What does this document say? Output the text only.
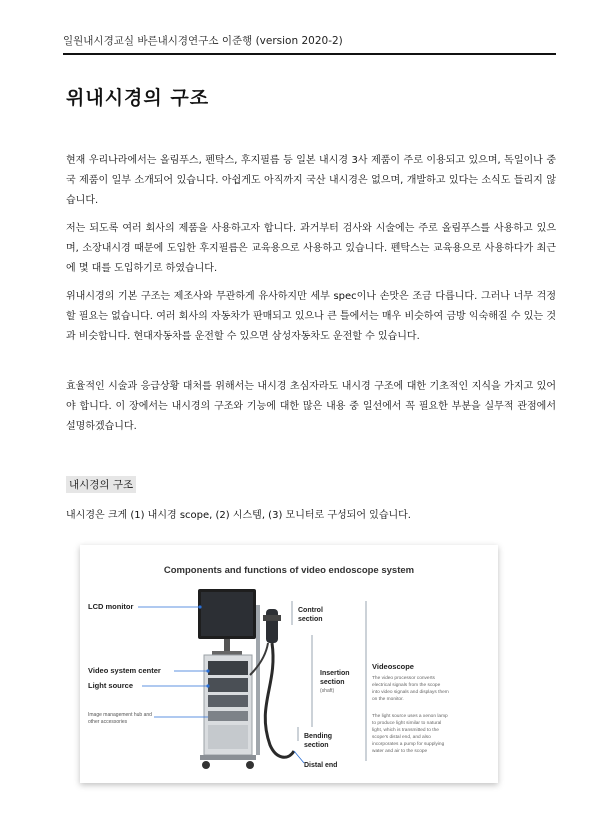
일원내시경교실 바른내시경연구소 이준행 (version 2020-2)
위내시경의 구조

현재 우리나라에서는 올림푸스, 펜탁스, 후지필름 등 일본 내시경 3사 제품이 주로 이용되고 있으며, 독일이나 중국 제품이 일부 소개되어 있습니다. 아쉽게도 아직까지 국산 내시경은 없으며, 개발하고 있다는 소식도 들리지 않습니다.

저는 되도록 여러 회사의 제품을 사용하고자 합니다. 과거부터 검사와 시술에는 주로 올림푸스를 사용하고 있으며, 소장내시경 때문에 도입한 후지필름은 교육용으로 사용하고 있습니다. 펜탁스는 교육용으로 사용하다가 최근에 몇 대를 도입하기로 하였습니다.

위내시경의 기본 구조는 제조사와 무관하게 유사하지만 세부 spec이나 손맛은 조금 다릅니다. 그러나 너무 걱정할 필요는 없습니다. 여러 회사의 자동차가 판매되고 있으나 큰 틀에서는 매우 비슷하여 금방 익숙해질 수 있는 것과 비슷합니다. 현대자동차를 운전할 수 있으면 삼성자동차도 운전할 수 있습니다.

효율적인 시술과 응급상황 대처를 위해서는 내시경 초심자라도 내시경 구조에 대한 기초적인 지식을 가지고 있어야 합니다. 이 장에서는 내시경의 구조와 기능에 대한 많은 내용 중 일선에서 꼭 필요한 부분을 실무적 관점에서 설명하겠습니다.

내시경의 구조

내시경은 크게 (1) 내시경 scope, (2) 시스템, (3) 모니터로 구성되어 있습니다.

Components and functions of video endoscope system
LCD monitor
Video system center
Light source
Image management hub and
other accessories
Control
section
Insertion
section
(shaft)
Bending
section
Distal end
Videoscope
The video processor converts
electrical signals from the scope
into video signals and displays them
on the monitor.
The light source uses a xenon lamp
to produce light similar to natural
light, which is transmitted to the
scope's distal end, and also
incorporates a pump for supplying
water and air to the scope
